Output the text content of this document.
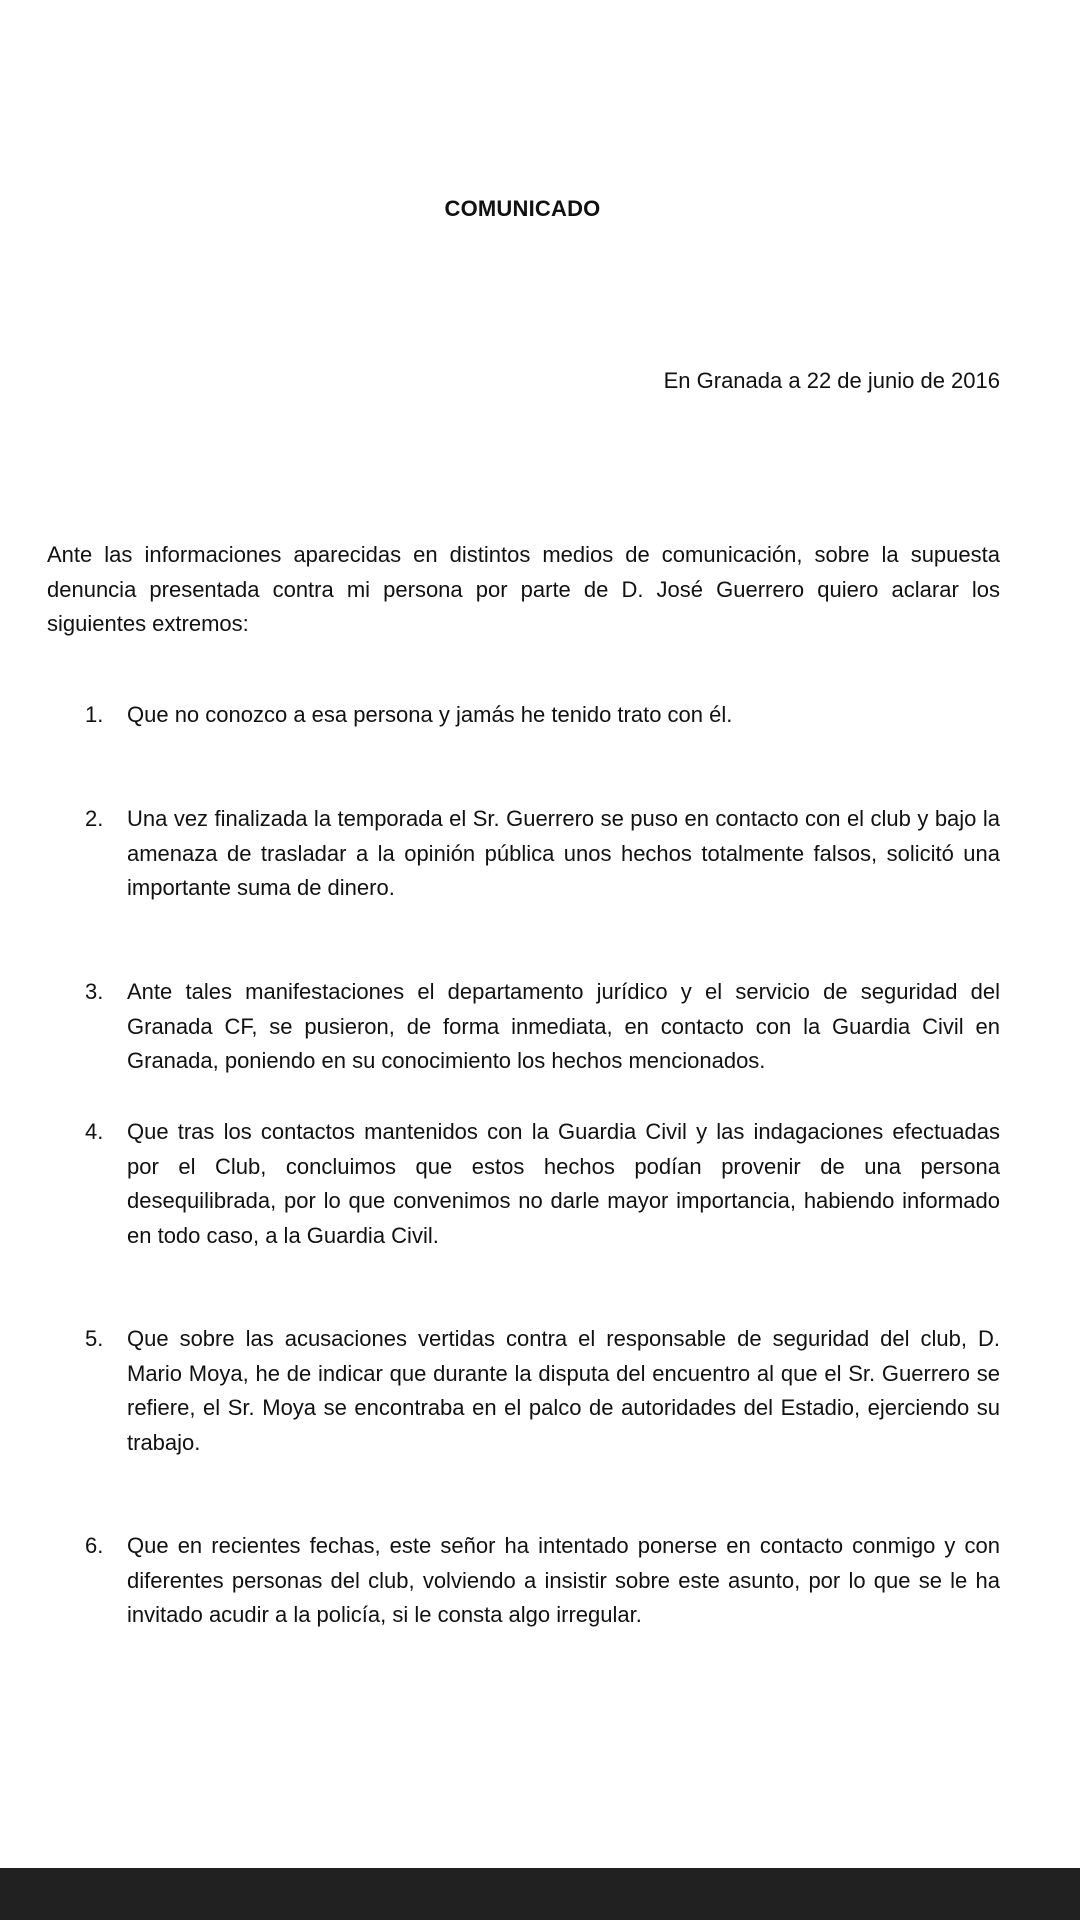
COMUNICADO
En Granada a 22 de junio de 2016

Ante las informaciones aparecidas en distintos medios de comunicación, sobre la supuesta denuncia presentada contra mi persona por parte de D. José Guerrero quiero aclarar los siguientes extremos:

1. Que no conozco a esa persona y jamás he tenido trato con él.
2. Una vez finalizada la temporada el Sr. Guerrero se puso en contacto con el club y bajo la amenaza de trasladar a la opinión pública unos hechos totalmente falsos, solicitó una importante suma de dinero.
3. Ante tales manifestaciones el departamento jurídico y el servicio de seguridad del Granada CF, se pusieron, de forma inmediata, en contacto con la Guardia Civil en Granada, poniendo en su conocimiento los hechos mencionados.
4. Que tras los contactos mantenidos con la Guardia Civil y las indagaciones efectuadas por el Club, concluimos que estos hechos podían provenir de una persona desequilibrada, por lo que convenimos no darle mayor importancia, habiendo informado en todo caso, a la Guardia Civil.
5. Que sobre las acusaciones vertidas contra el responsable de seguridad del club, D. Mario Moya, he de indicar que durante la disputa del encuentro al que el Sr. Guerrero se refiere, el Sr. Moya se encontraba en el palco de autoridades del Estadio, ejerciendo su trabajo.
6. Que en recientes fechas, este señor ha intentado ponerse en contacto conmigo y con diferentes personas del club, volviendo a insistir sobre este asunto, por lo que se le ha invitado acudir a la policía, si le consta algo irregular.
